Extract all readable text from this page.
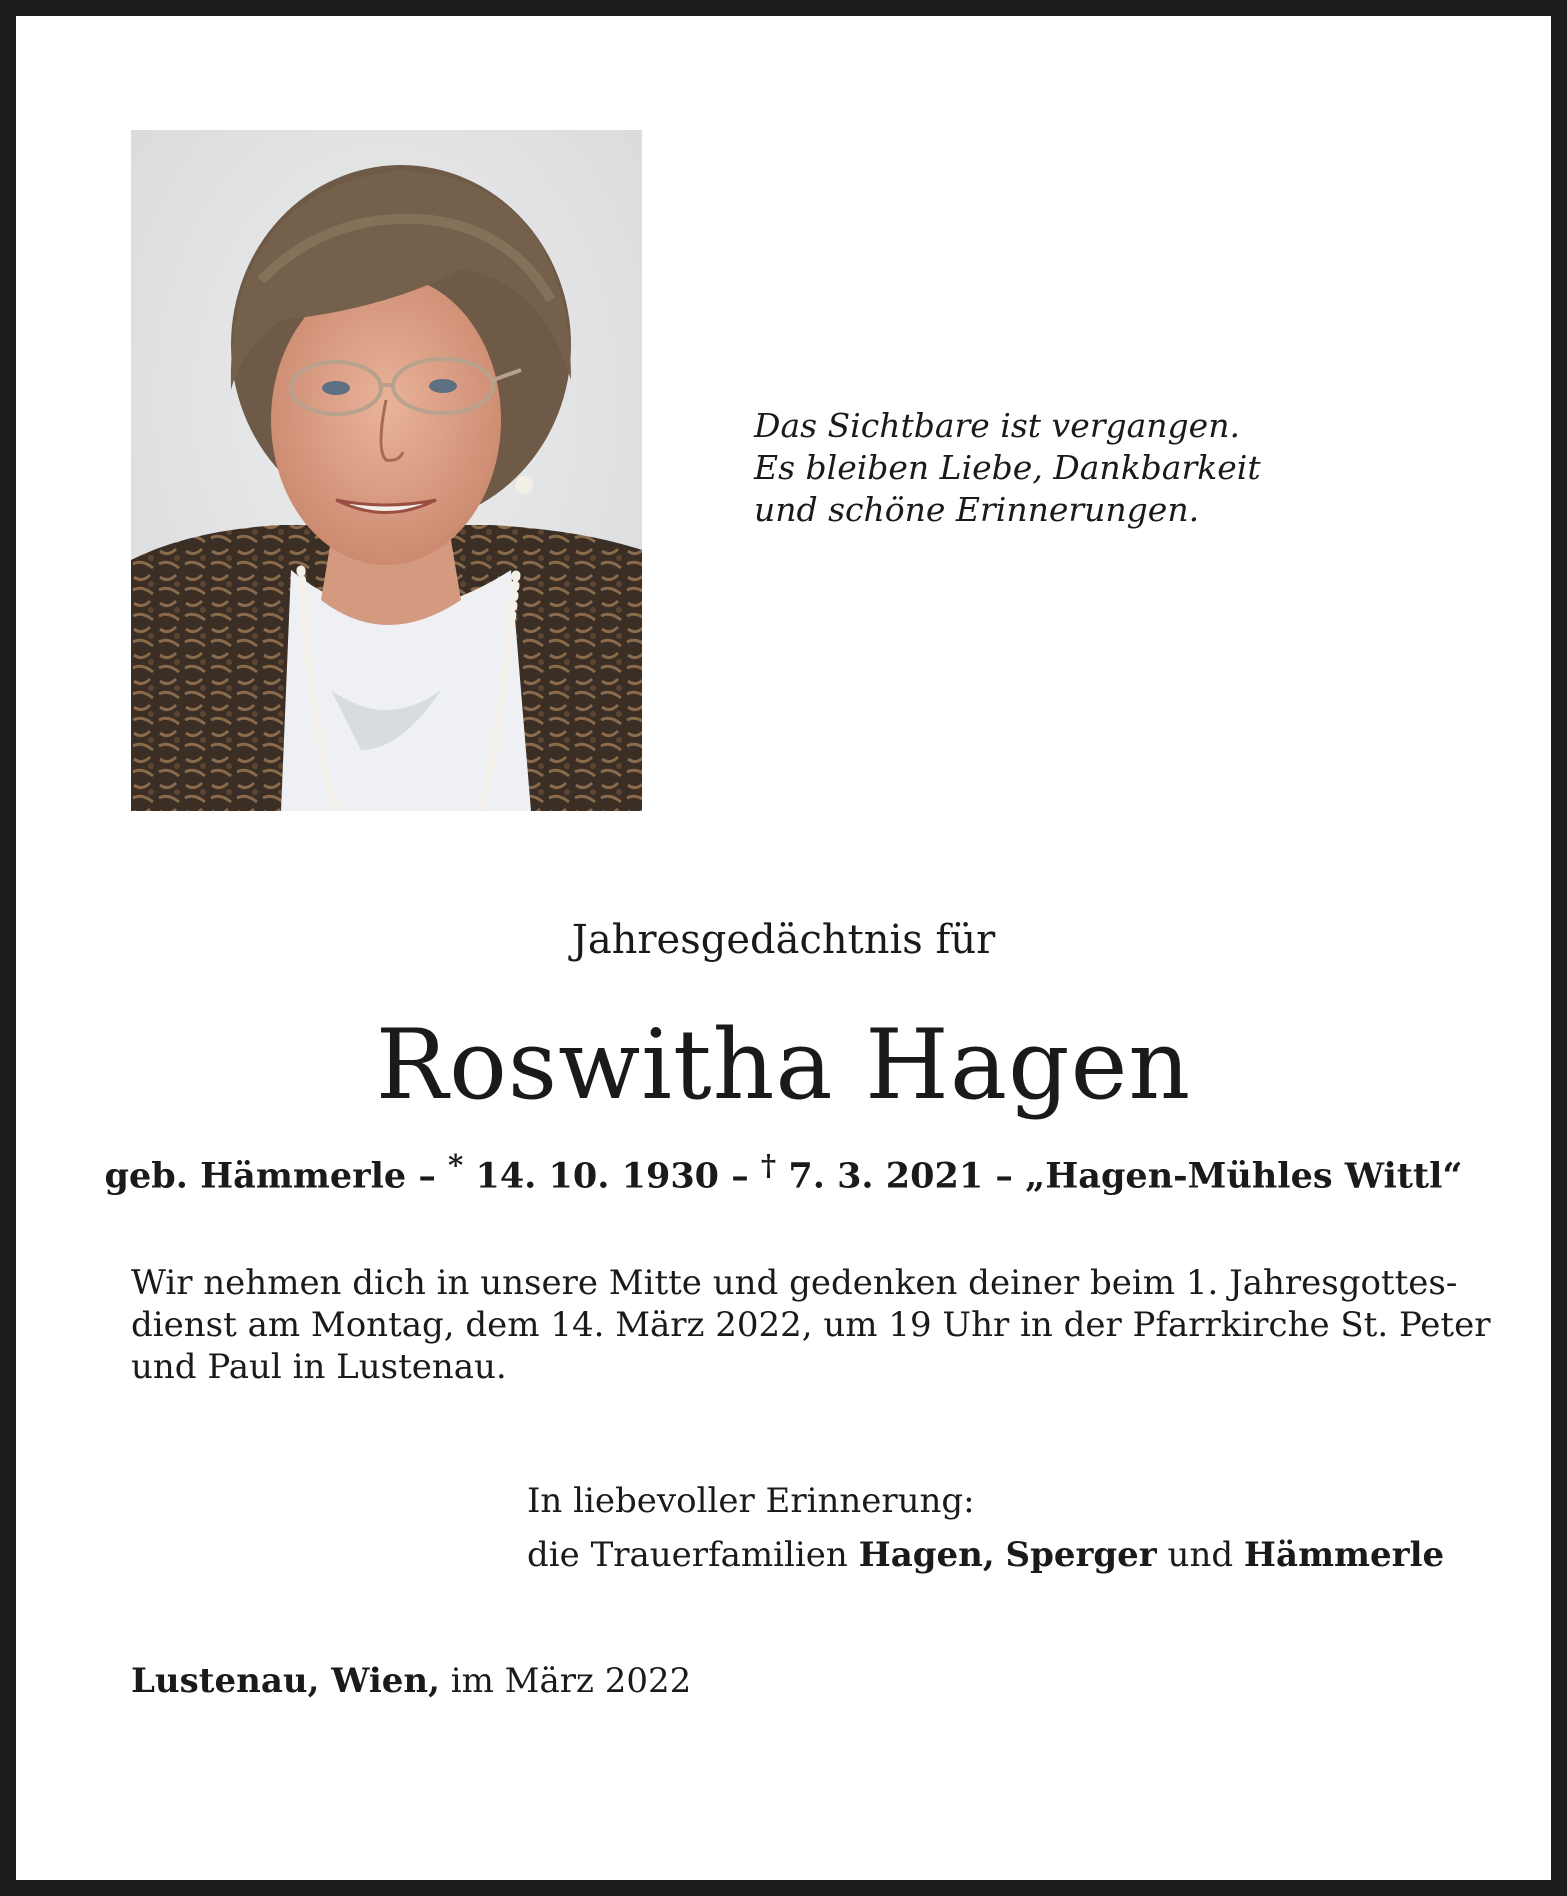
Das Sichtbare ist vergangen.
Es bleiben Liebe, Dankbarkeit
und schöne Erinnerungen.
Jahresgedächtnis für
Roswitha Hagen
geb. Hämmerle – * 14. 10. 1930 – † 7. 3. 2021 – „Hagen-Mühles Wittl“
Wir nehmen dich in unsere Mitte und gedenken deiner beim 1. Jahresgottes-
dienst am Montag, dem 14. März 2022, um 19 Uhr in der Pfarrkirche St. Peter
und Paul in Lustenau.
In liebevoller Erinnerung:
die Trauerfamilien Hagen, Sperger und Hämmerle
Lustenau, Wien, im März 2022
